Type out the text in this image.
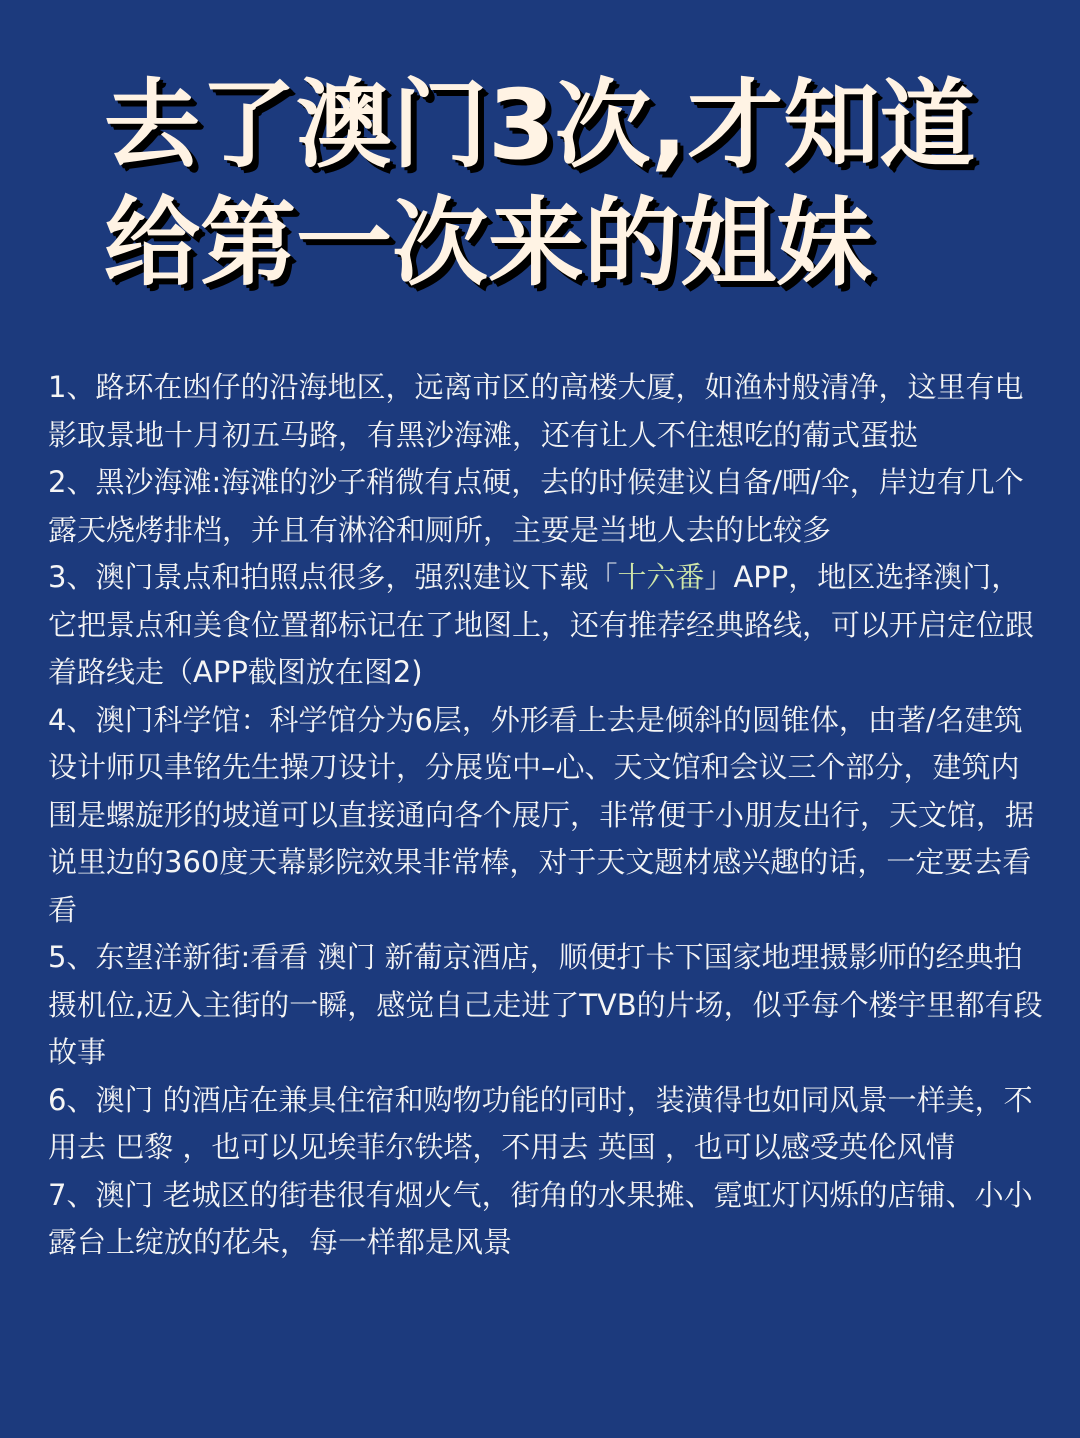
去了澳门3次,才知道
给第一次来的姐妹

1、路环在凼仔的沿海地区，远离市区的高楼大厦，如渔村般清净，这里有电影取景地十月初五马路，有黑沙海滩，还有让人不住想吃的葡式蛋挞

2、黑沙海滩:海滩的沙子稍微有点硬，去的时候建议自备/晒/伞，岸边有几个露天烧烤排档，并且有淋浴和厕所，主要是当地人去的比较多

3、澳门景点和拍照点很多，强烈建议下载「十六番」APP，地区选择澳门，它把景点和美食位置都标记在了地图上，还有推荐经典路线，可以开启定位跟着路线走（APP截图放在图2)

4、澳门科学馆：科学馆分为6层，外形看上去是倾斜的圆锥体，由著/名建筑设计师贝聿铭先生操刀设计，分展览中–心、天文馆和会议三个部分，建筑内围是螺旋形的坡道可以直接通向各个展厅，非常便于小朋友出行，天文馆，据说里边的360度天幕影院效果非常棒，对于天文题材感兴趣的话，一定要去看看

5、东望洋新街:看看 澳门 新葡京酒店，顺便打卡下国家地理摄影师的经典拍摄机位,迈入主街的一瞬，感觉自己走进了TVB的片场，似乎每个楼宇里都有段故事

6、澳门 的酒店在兼具住宿和购物功能的同时，装潢得也如同风景一样美，不用去 巴黎 ，也可以见埃菲尔铁塔，不用去 英国 ，也可以感受英伦风情

7、澳门 老城区的街巷很有烟火气，街角的水果摊、霓虹灯闪烁的店铺、小小露台上绽放的花朵，每一样都是风景
